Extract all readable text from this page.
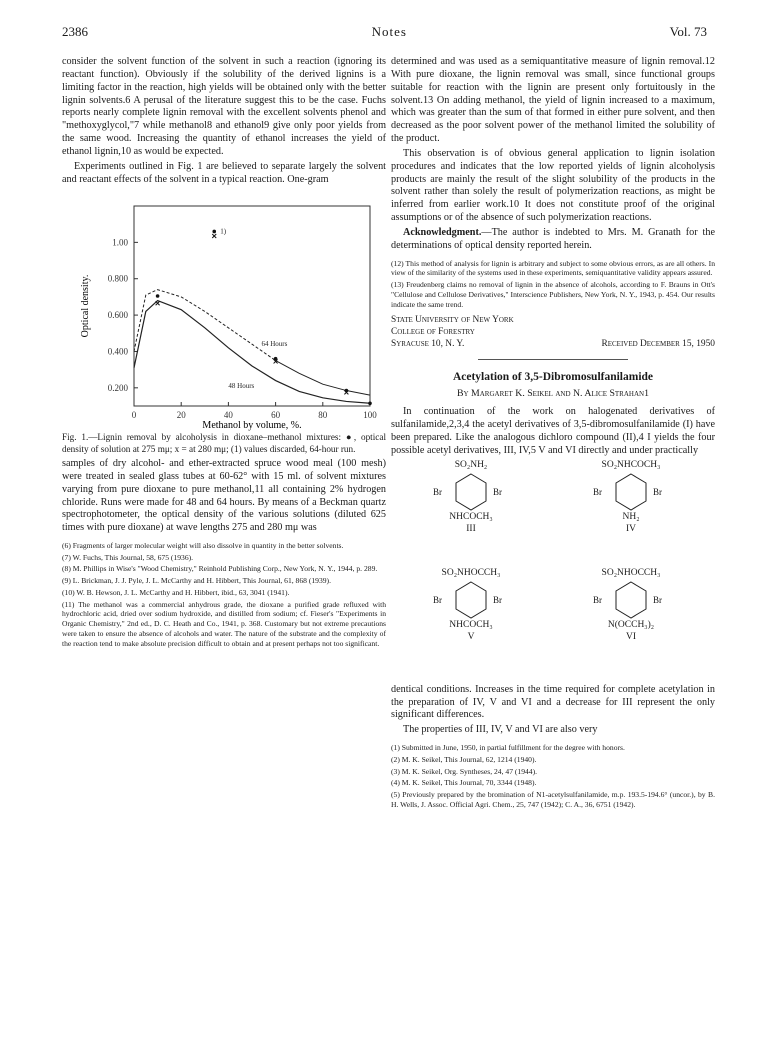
2386	Notes	Vol. 73

consider the solvent function of the solvent in such a reaction (ignoring its reactant function). Obviously if the solubility of the derived lignins is a limiting factor in the reaction, high yields will be obtained only with the better lignin solvents.6 A perusal of the literature suggest this to be the case. Fuchs reports nearly complete lignin removal with the excellent solvents phenol and "methoxyglycol,"7 while methanol8 and ethanol9 give only poor yields from the same wood. Increasing the quantity of ethanol increases the yield of ethanol lignin,10 as would be expected.

Experiments outlined in Fig. 1 are believed to separate largely the solvent and reactant effects of the solvent in a typical reaction. One-gram

0.200
0.400
0.600
0.800
1.00
0	20	40	60	80	100
Optical density.
Methanol by volume, %.
64 Hours
48 Hours
1)

Fig. 1.—Lignin removal by alcoholysis in dioxane–methanol mixtures: ●, optical density of solution at 275 mμ; x = at 280 mμ; (1) values discarded, 64-hour run.

samples of dry alcohol- and ether-extracted spruce wood meal (100 mesh) were treated in sealed glass tubes at 60-62° with 15 ml. of solvent mixtures varying from pure dioxane to pure methanol,11 all containing 2% hydrogen chloride. Runs were made for 48 and 64 hours. By means of a Beckman quartz spectrophotometer, the optical density of the various solutions (diluted 625 times with pure dioxane) at wave lengths 275 and 280 mμ was

(6) Fragments of larger molecular weight will also dissolve in quantity in the better solvents.

(7) W. Fuchs, This Journal, 58, 675 (1936).

(8) M. Phillips in Wise's "Wood Chemistry," Reinhold Publishing Corp., New York, N. Y., 1944, p. 289.

(9) L. Brickman, J. J. Pyle, J. L. McCarthy and H. Hibbert, This Journal, 61, 868 (1939).

(10) W. B. Hewson, J. L. McCarthy and H. Hibbert, ibid., 63, 3041 (1941).

(11) The methanol was a commercial anhydrous grade, the dioxane a purified grade refluxed with hydrochloric acid, dried over sodium hydroxide, and distilled from sodium; cf. Fieser's "Experiments in Organic Chemistry," 2nd ed., D. C. Heath and Co., 1941, p. 368. Customary but not extreme precautions were taken to ensure the absence of alcohols and water. The nature of the substrate and the complexity of the reaction tend to make absolute precision difficult to obtain and at present perhaps not too significant.

determined and was used as a semiquantitative measure of lignin removal.12 With pure dioxane, the lignin removal was small, since functional groups suitable for reaction with the lignin are present only fortuitously in the solvent.13 On adding methanol, the yield of lignin increased to a maximum, which was greater than the sum of that formed in either pure solvent, and then decreased as the poor solvent power of the methanol limited the solubility of the product.

This observation is of obvious general application to lignin isolation procedures and indicates that the low reported yields of lignin alcoholysis products are mainly the result of the slight solubility of the products in the solvent rather than solely the result of polymerization reactions, as might be inferred from earlier work.10 It does not constitute proof of the original assumptions or of the absence of such polymerization reactions.

Acknowledgment.—The author is indebted to Mrs. M. Granath for the determinations of optical density reported herein.

(12) This method of analysis for lignin is arbitrary and subject to some obvious errors, as are all others. In view of the similarity of the systems used in these experiments, semiquantitative validity appears assured.

(13) Freudenberg claims no removal of lignin in the absence of alcohols, according to F. Brauns in Ott's "Cellulose and Cellulose Derivatives," Interscience Publishers, New York, N. Y., 1943, p. 454. Our results indicate the same trend.

State University of New York
College of Forestry
Syracuse 10, N. Y.	Received December 15, 1950
Acetylation of 3,5-Dibromosulfanilamide
By Margaret K. Seikel and N. Alice Strahan1

In continuation of the work on halogenated derivatives of sulfanilamide,2,3,4 the acetyl derivatives of 3,5-dibromosulfanilamide (I) have been prepared. Like the analogous dichloro compound (II),4 I yields the four possible acetyl derivatives, III, IV,5 V and VI directly and under practically

SO₂NH₂
Br	Br
NHCOCH₃
III
SO₂NHCOCH₃
Br	Br
NH₂
IV
SO₂NHOCCH₃
Br	Br
NHCOCH₃
V
SO₂NHOCCH₃
Br	Br
N(OCCH₃)₂
VI

dentical conditions. Increases in the time required for complete acetylation in the preparation of IV, V and VI and a decrease for III represent the only significant differences.

The properties of III, IV, V and VI are also very

(1) Submitted in June, 1950, in partial fulfillment for the degree with honors.

(2) M. K. Seikel, This Journal, 62, 1214 (1940).

(3) M. K. Seikel, Org. Syntheses, 24, 47 (1944).

(4) M. K. Seikel, This Journal, 70, 3344 (1948).

(5) Previously prepared by the bromination of N1-acetylsulfanilamide, m.p. 193.5-194.6° (uncor.), by B. H. Wells, J. Assoc. Official Agri. Chem., 25, 747 (1942); C. A., 36, 6751 (1942).
